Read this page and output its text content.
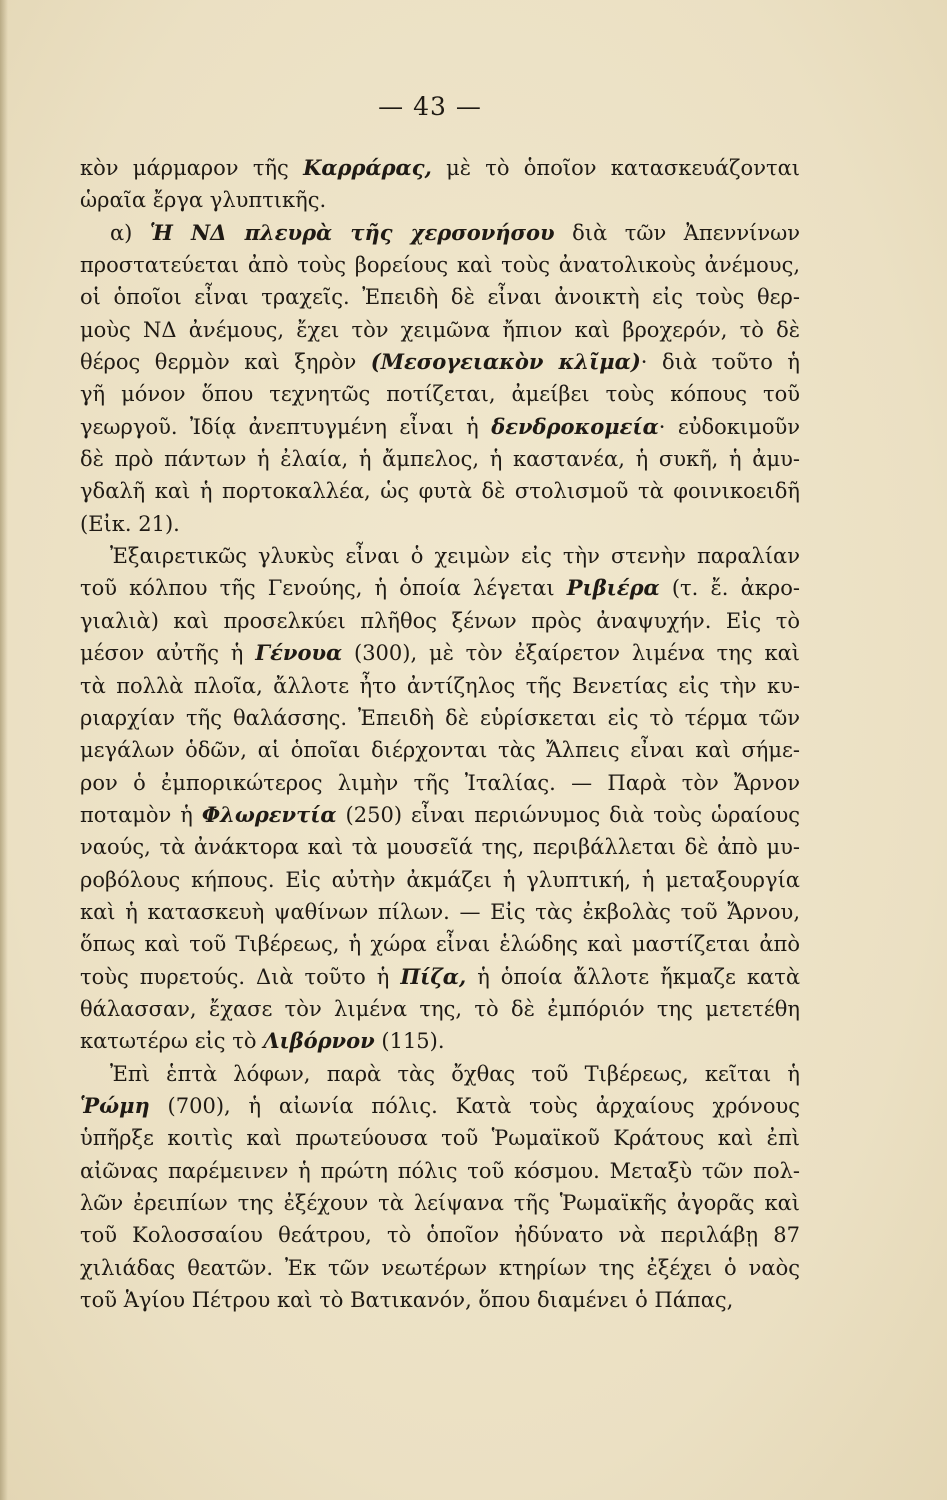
— 43 —
κὸν μάρμαρον τῆς Καρράρας, μὲ τὸ ὁποῖον κατασκευάζονται
ὡραῖα ἔργα γλυπτικῆς.
α) Ἡ ΝΔ πλευρὰ τῆς χερσονήσου διὰ τῶν Ἀπεννίνων
προστατεύεται ἀπὸ τοὺς βορείους καὶ τοὺς ἀνατολικοὺς ἀνέμους,
οἱ ὁποῖοι εἶναι τραχεῖς. Ἐπειδὴ δὲ εἶναι ἀνοικτὴ εἰς τοὺς θερ-
μοὺς ΝΔ ἀνέμους, ἔχει τὸν χειμῶνα ἤπιον καὶ βροχερόν, τὸ δὲ
θέρος θερμὸν καὶ ξηρὸν (Μεσογειακὸν κλῖμα)· διὰ τοῦτο ἡ
γῆ μόνον ὅπου τεχνητῶς ποτίζεται, ἀμείβει τοὺς κόπους τοῦ
γεωργοῦ. Ἰδίᾳ ἀνεπτυγμένη εἶναι ἡ δενδροκομεία· εὐδοκιμοῦν
δὲ πρὸ πάντων ἡ ἐλαία, ἡ ἄμπελος, ἡ καστανέα, ἡ συκῆ, ἡ ἀμυ-
γδαλῆ καὶ ἡ πορτοκαλλέα, ὡς φυτὰ δὲ στολισμοῦ τὰ φοινικοειδῆ
(Εἰκ. 21).
Ἐξαιρετικῶς γλυκὺς εἶναι ὁ χειμὼν εἰς τὴν στενὴν παραλίαν
τοῦ κόλπου τῆς Γενούης, ἡ ὁποία λέγεται Ριβιέρα (τ. ἔ. ἀκρο-
γιαλιὰ) καὶ προσελκύει πλῆθος ξένων πρὸς ἀναψυχήν. Εἰς τὸ
μέσον αὐτῆς ἡ Γένουα (300), μὲ τὸν ἐξαίρετον λιμένα της καὶ
τὰ πολλὰ πλοῖα, ἄλλοτε ἦτο ἀντίζηλος τῆς Βενετίας εἰς τὴν κυ-
ριαρχίαν τῆς θαλάσσης. Ἐπειδὴ δὲ εὑρίσκεται εἰς τὸ τέρμα τῶν
μεγάλων ὁδῶν, αἱ ὁποῖαι διέρχονται τὰς Ἄλπεις εἶναι καὶ σήμε-
ρον ὁ ἐμπορικώτερος λιμὴν τῆς Ἰταλίας. — Παρὰ τὸν Ἄρνον
ποταμὸν ἡ Φλωρεντία (250) εἶναι περιώνυμος διὰ τοὺς ὡραίους
ναούς, τὰ ἀνάκτορα καὶ τὰ μουσεῖά της, περιβάλλεται δὲ ἀπὸ μυ-
ροβόλους κήπους. Εἰς αὐτὴν ἀκμάζει ἡ γλυπτική, ἡ μεταξουργία
καὶ ἡ κατασκευὴ ψαθίνων πίλων. — Εἰς τὰς ἐκβολὰς τοῦ Ἄρνου,
ὅπως καὶ τοῦ Τιβέρεως, ἡ χώρα εἶναι ἑλώδης καὶ μαστίζεται ἀπὸ
τοὺς πυρετούς. Διὰ τοῦτο ἡ Πίζα, ἡ ὁποία ἄλλοτε ἤκμαζε κατὰ
θάλασσαν, ἔχασε τὸν λιμένα της, τὸ δὲ ἐμπόριόν της μετετέθη
κατωτέρω εἰς τὸ Λιβόρνον (115).
Ἐπὶ ἑπτὰ λόφων, παρὰ τὰς ὄχθας τοῦ Τιβέρεως, κεῖται ἡ
Ῥώμη (700), ἡ αἰωνία πόλις. Κατὰ τοὺς ἀρχαίους χρόνους
ὑπῆρξε κοιτὶς καὶ πρωτεύουσα τοῦ Ῥωμαϊκοῦ Κράτους καὶ ἐπὶ
αἰῶνας παρέμεινεν ἡ πρώτη πόλις τοῦ κόσμου. Μεταξὺ τῶν πολ-
λῶν ἐρειπίων της ἐξέχουν τὰ λείψανα τῆς Ῥωμαϊκῆς ἀγορᾶς καὶ
τοῦ Κολοσσαίου θεάτρου, τὸ ὁποῖον ἠδύνατο νὰ περιλάβῃ 87
χιλιάδας θεατῶν. Ἐκ τῶν νεωτέρων κτηρίων της ἐξέχει ὁ ναὸς
τοῦ Ἁγίου Πέτρου καὶ τὸ Βατικανόν, ὅπου διαμένει ὁ Πάπας,
